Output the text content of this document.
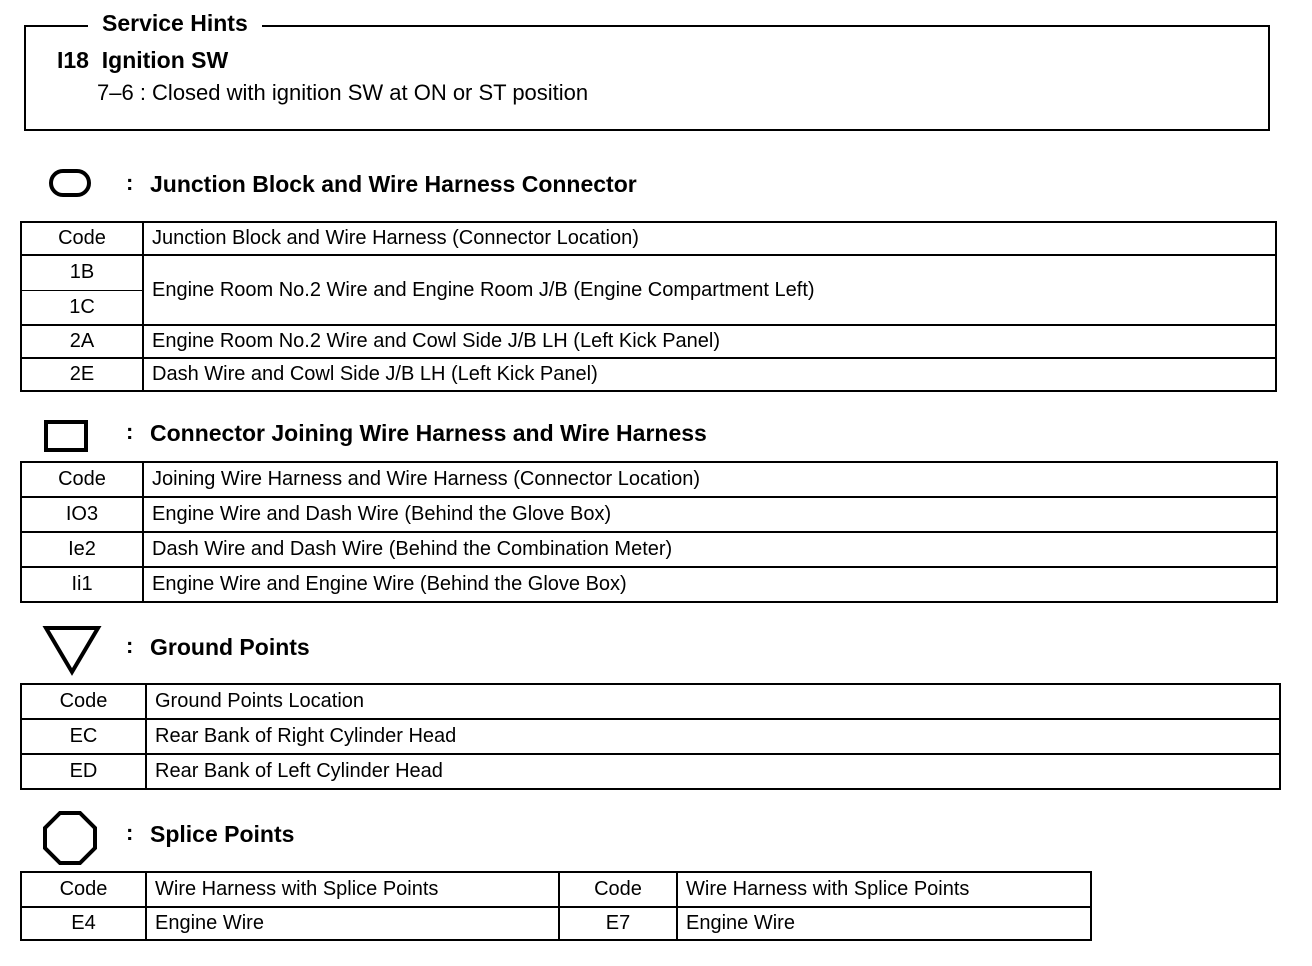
Service Hints
I18  Ignition SW
7–6 : Closed with ignition SW at ON or ST position
: Junction Block and Wire Harness Connector
Code	Junction Block and Wire Harness (Connector Location)
1B	Engine Room No.2 Wire and Engine Room J/B (Engine Compartment Left)
1C	
2A	Engine Room No.2 Wire and Cowl Side J/B LH (Left Kick Panel)
2E	Dash Wire and Cowl Side J/B LH (Left Kick Panel)
: Connector Joining Wire Harness and Wire Harness
Code	Joining Wire Harness and Wire Harness (Connector Location)
IO3	Engine Wire and Dash Wire (Behind the Glove Box)
Ie2	Dash Wire and Dash Wire (Behind the Combination Meter)
Ii1	Engine Wire and Engine Wire (Behind the Glove Box)
: Ground Points
Code	Ground Points Location
EC	Rear Bank of Right Cylinder Head
ED	Rear Bank of Left Cylinder Head
: Splice Points
Code	Wire Harness with Splice Points	Code	Wire Harness with Splice Points
E4	Engine Wire	E7	Engine Wire
